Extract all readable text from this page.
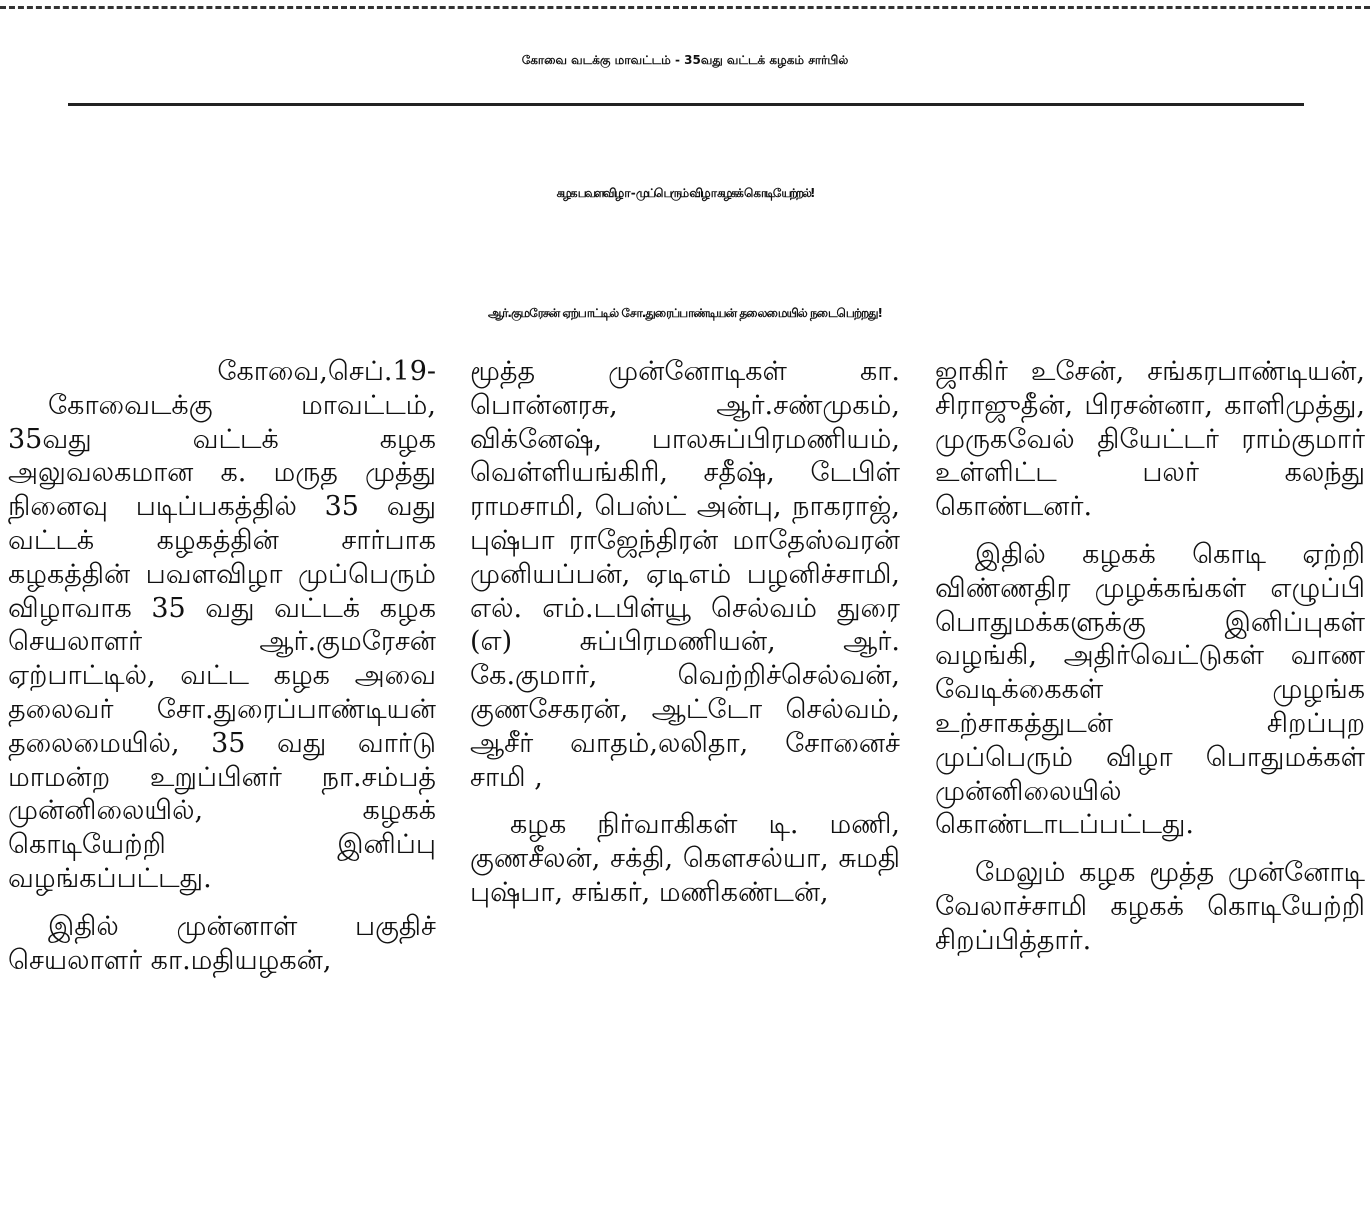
கோவை வடக்கு மாவட்டம் - 35வது வட்டக் கழகம் சார்பில்
கழக பவளவிழா - முப்பெரும் விழா கழகக் கொடியேற்றல்!
ஆர்.குமரேசன் ஏற்பாட்டில் சோ.துரைப்பாண்டியன் தலைமையில் நடைபெற்றது!

கோவை,செப்.19-

கோவைடக்கு மாவட்டம், 35வது வட்டக் கழக அலுவலகமான க. மருத முத்து நினைவு படிப்பகத்தில் 35 வது வட்டக் கழகத்தின் சார்பாக கழகத்தின் பவளவிழா முப்பெரும் விழாவாக 35 வது வட்டக் கழக செயலாளர் ஆர்.குமரேசன் ஏற்பாட்டில், வட்ட கழக அவை தலைவர் சோ.துரைப்பாண்டியன் தலைமையில், 35 வது வார்டு மாமன்ற உறுப்பினர் நா.சம்பத் முன்னிலையில், கழகக் கொடியேற்றி இனிப்பு வழங்கப்பட்டது.

இதில் முன்னாள் பகுதிச் செயலாளர் கா.மதியழகன்,

மூத்த முன்னோடிகள் கா. பொன்னரசு, ஆர்.சண்முகம், விக்னேஷ், பாலசுப்பிரமணியம், வெள்ளியங்கிரி, சதீஷ், டேபிள் ராமசாமி, பெஸ்ட் அன்பு, நாகராஜ், புஷ்பா ராஜேந்திரன் மாதேஸ்வரன் முனியப்பன், ஏடிஎம் பழனிச்சாமி, எல். எம்.டபிள்யூ செல்வம் துரை (எ) சுப்பிரமணியன், ஆர். கே.குமார், வெற்றிச்செல்வன், குணசேகரன், ஆட்டோ செல்வம், ஆசீர் வாதம்,லலிதா, சோனைச் சாமி ,

கழக நிர்வாகிகள் டி. மணி, குணசீலன், சக்தி, கௌசல்யா, சுமதி புஷ்பா, சங்கர், மணிகண்டன்,

ஜாகிர் உசேன், சங்கரபாண்டியன், சிராஜுதீன், பிரசன்னா, காளிமுத்து, முருகவேல் தியேட்டர் ராம்குமார் உள்ளிட்ட பலர் கலந்து கொண்டனர்.

இதில் கழகக் கொடி ஏற்றி விண்ணதிர முழக்கங்கள் எழுப்பி பொதுமக்களுக்கு இனிப்புகள் வழங்கி, அதிர்வெட்டுகள் வாண வேடிக்கைகள் முழங்க உற்சாகத்துடன் சிறப்புற முப்பெரும் விழா பொதுமக்கள் முன்னிலையில் கொண்டாடப்பட்டது.

மேலும் கழக மூத்த முன்னோடி வேலாச்சாமி கழகக் கொடியேற்றி சிறப்பித்தார்.
